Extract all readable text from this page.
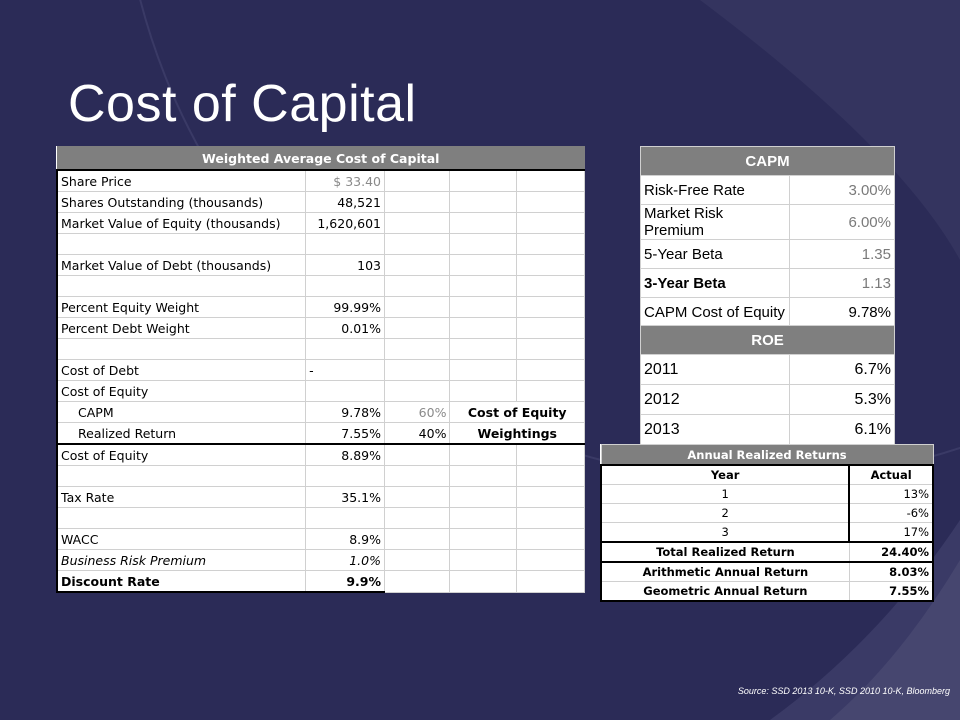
Cost of Capital
Weighted Average Cost of Capital				
Share Price	$ 33.40			
Shares Outstanding (thousands)	48,521			
Market Value of Equity (thousands)	1,620,601			

Market Value of Debt (thousands)	103			

Percent Equity Weight	99.99%			
Percent Debt Weight	0.01%			

Cost of Debt	-			
Cost of Equity				
CAPM	9.78%	60%	Cost of Equity	
Realized Return	7.55%	40%	Weightings	
Cost of Equity	8.89%			

Tax Rate	35.1%			

WACC	8.9%			
Business Risk Premium	1.0%			
Discount Rate	9.9%			
CAPM	
Risk-Free Rate	3.00%
Market Risk Premium	6.00%
5-Year Beta	1.35
3-Year Beta	1.13
CAPM Cost of Equity	9.78%
ROE	
2011	6.7%
2012	5.3%
2013	6.1%
Annual Realized Returns	
Year	Actual
1	13%
2	-6%
3	17%
Total Realized Return	24.40%
Arithmetic Annual Return	8.03%
Geometric Annual Return	7.55%
Source: SSD 2013 10-K, SSD 2010 10-K, Bloomberg
